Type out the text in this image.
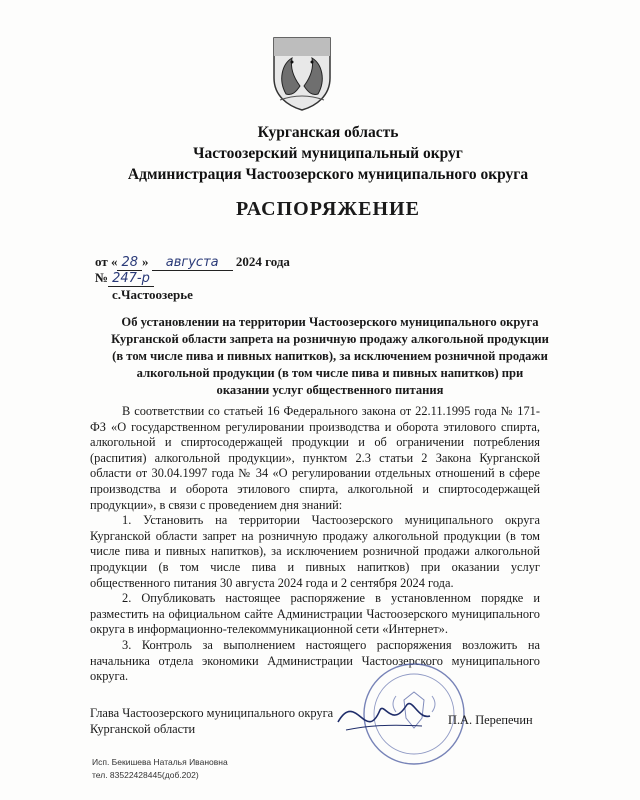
Курганская область
Частоозерский муниципальный округ
Администрация Частоозерского муниципального округа
РАСПОРЯЖЕНИЕ
от « 28 » августа 2024 года
№ 247-р
с.Частоозерье
Об установлении на территории Частоозерского муниципального округа Курганской области запрета на розничную продажу алкогольной продукции (в том числе пива и пивных напитков), за исключением розничной продажи алкогольной продукции (в том числе пива и пивных напитков) при оказании услуг общественного питания

В соответствии со статьей 16 Федерального закона от 22.11.1995 года № 171-ФЗ «О государственном регулировании производства и оборота этилового спирта, алкогольной и спиртосодержащей продукции и об ограничении потребления (распития) алкогольной продукции», пунктом 2.3 статьи 2 Закона Курганской области от 30.04.1997 года № 34 «О регулировании отдельных отношений в сфере производства и оборота этилового спирта, алкогольной и спиртосодержащей продукции», в связи с проведением дня знаний:

1. Установить на территории Частоозерского муниципального округа Курганской области запрет на розничную продажу алкогольной продукции (в том числе пива и пивных напитков), за исключением розничной продажи алкогольной продукции (в том числе пива и пивных напитков) при оказании услуг общественного питания 30 августа 2024 года и 2 сентября 2024 года.

2. Опубликовать настоящее распоряжение в установленном порядке и разместить на официальном сайте Администрации Частоозерского муниципального округа в информационно-телекоммуникационной сети «Интернет».

3. Контроль за выполнением настоящего распоряжения возложить на начальника отдела экономики Администрации Частоозерского муниципального округа.

Глава Частоозерского муниципального округа
Курганской области
П.А. Перепечин
Исп. Бекишева Наталья Ивановна
тел. 83522428445(доб.202)
